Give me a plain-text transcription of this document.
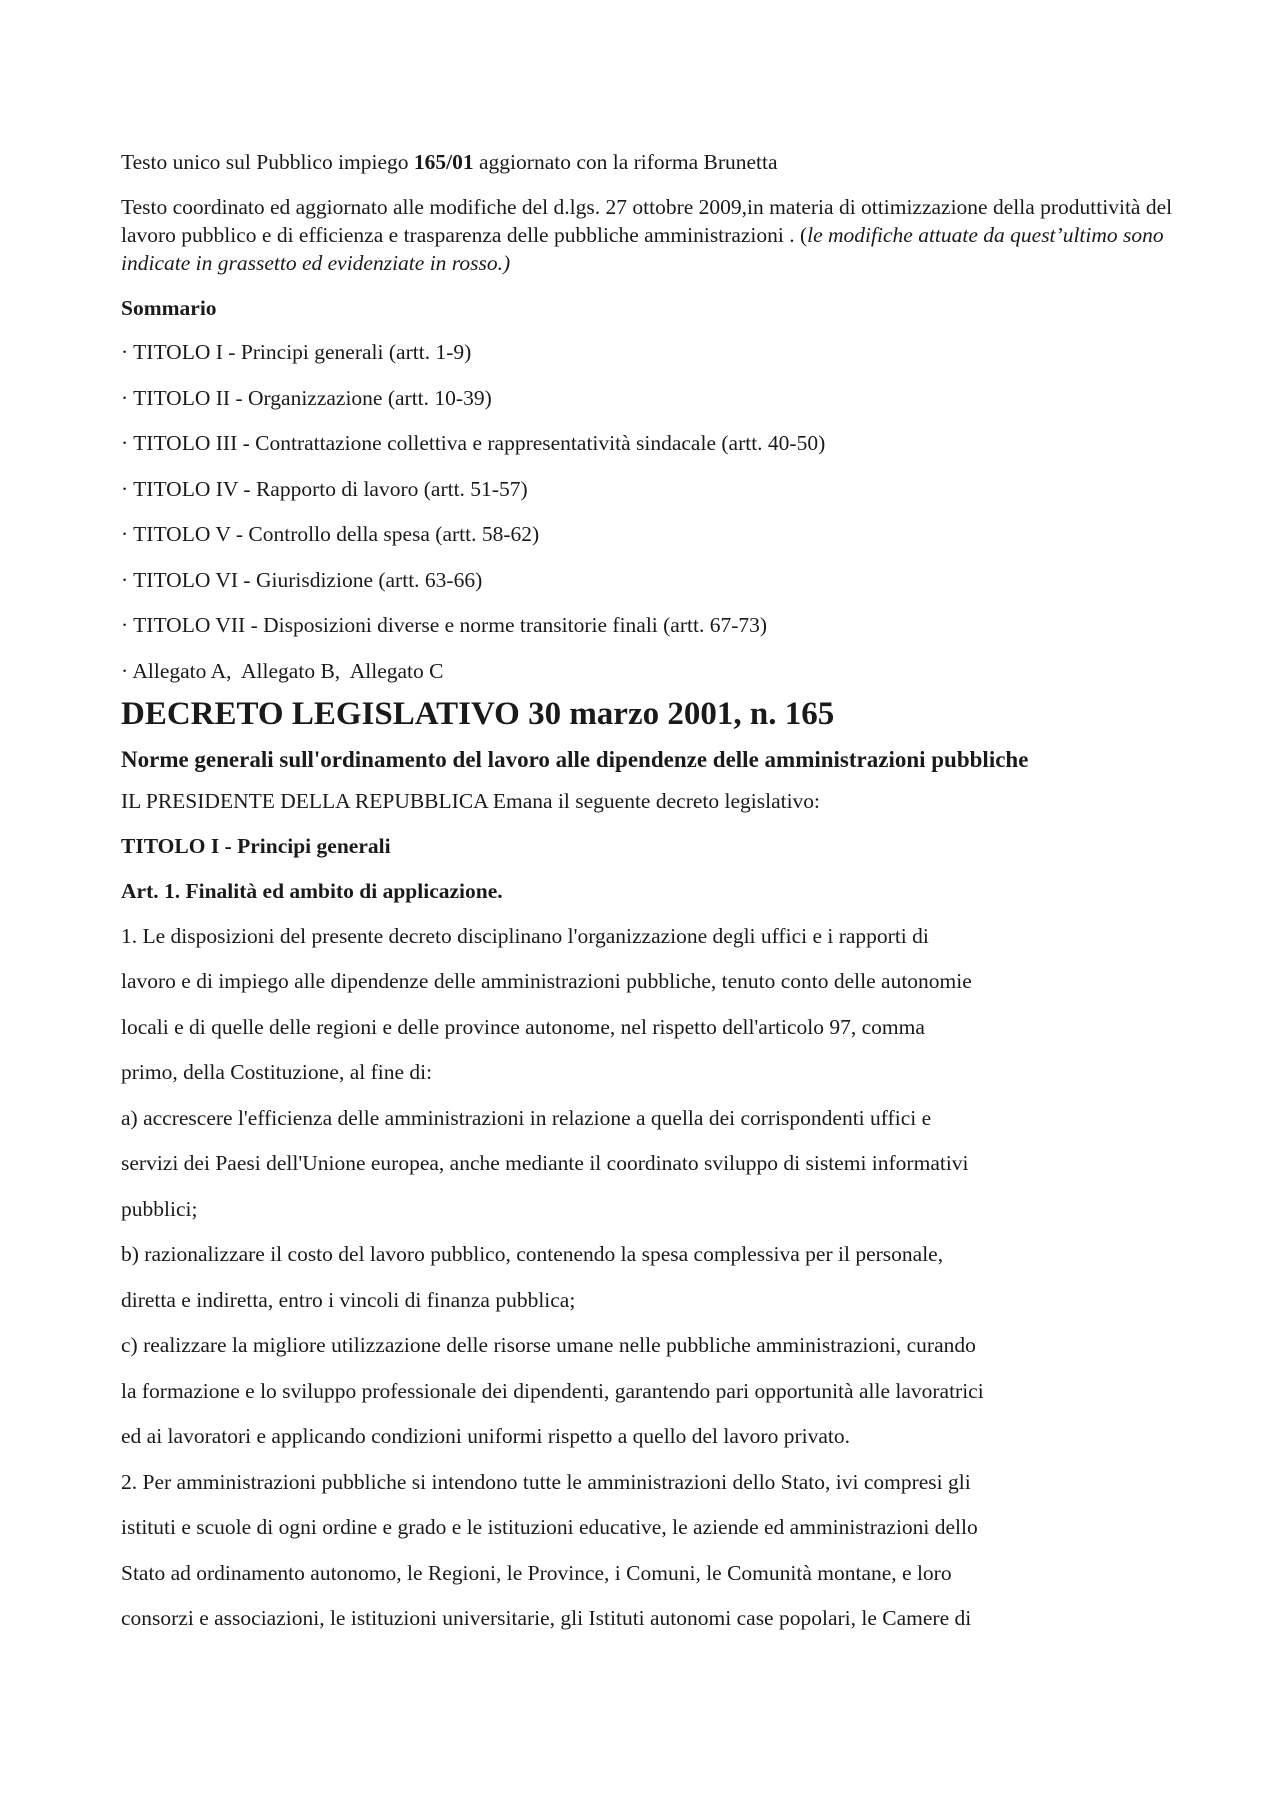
Testo unico sul Pubblico impiego 165/01 aggiornato con la riforma Brunetta

Testo coordinato ed aggiornato alle modifiche del d.lgs. 27 ottobre 2009,in materia di ottimizzazione della produttività del lavoro pubblico e di efficienza e trasparenza delle pubbliche amministrazioni . (le modifiche attuate da quest’ultimo sono indicate in grassetto ed evidenziate in rosso.)

Sommario
· TITOLO I - Principi generali (artt. 1-9)
· TITOLO II - Organizzazione (artt. 10-39)
· TITOLO III - Contrattazione collettiva e rappresentatività sindacale (artt. 40-50)
· TITOLO IV - Rapporto di lavoro (artt. 51-57)
· TITOLO V - Controllo della spesa (artt. 58-62)
· TITOLO VI - Giurisdizione (artt. 63-66)
· TITOLO VII - Disposizioni diverse e norme transitorie finali (artt. 67-73)
· Allegato A,  Allegato B,  Allegato C
DECRETO LEGISLATIVO 30 marzo 2001, n. 165
Norme generali sull'ordinamento del lavoro alle dipendenze delle amministrazioni pubbliche

IL PRESIDENTE DELLA REPUBBLICA Emana il seguente decreto legislativo:

TITOLO I - Principi generali
Art. 1. Finalità ed ambito di applicazione.

1. Le disposizioni del presente decreto disciplinano l'organizzazione degli uffici e i rapporti di

lavoro e di impiego alle dipendenze delle amministrazioni pubbliche, tenuto conto delle autonomie

locali e di quelle delle regioni e delle province autonome, nel rispetto dell'articolo 97, comma

primo, della Costituzione, al fine di:

a) accrescere l'efficienza delle amministrazioni in relazione a quella dei corrispondenti uffici e

servizi dei Paesi dell'Unione europea, anche mediante il coordinato sviluppo di sistemi informativi

pubblici;

b) razionalizzare il costo del lavoro pubblico, contenendo la spesa complessiva per il personale,

diretta e indiretta, entro i vincoli di finanza pubblica;

c) realizzare la migliore utilizzazione delle risorse umane nelle pubbliche amministrazioni, curando

la formazione e lo sviluppo professionale dei dipendenti, garantendo pari opportunità alle lavoratrici

ed ai lavoratori e applicando condizioni uniformi rispetto a quello del lavoro privato.

2. Per amministrazioni pubbliche si intendono tutte le amministrazioni dello Stato, ivi compresi gli

istituti e scuole di ogni ordine e grado e le istituzioni educative, le aziende ed amministrazioni dello

Stato ad ordinamento autonomo, le Regioni, le Province, i Comuni, le Comunità montane, e loro

consorzi e associazioni, le istituzioni universitarie, gli Istituti autonomi case popolari, le Camere di
